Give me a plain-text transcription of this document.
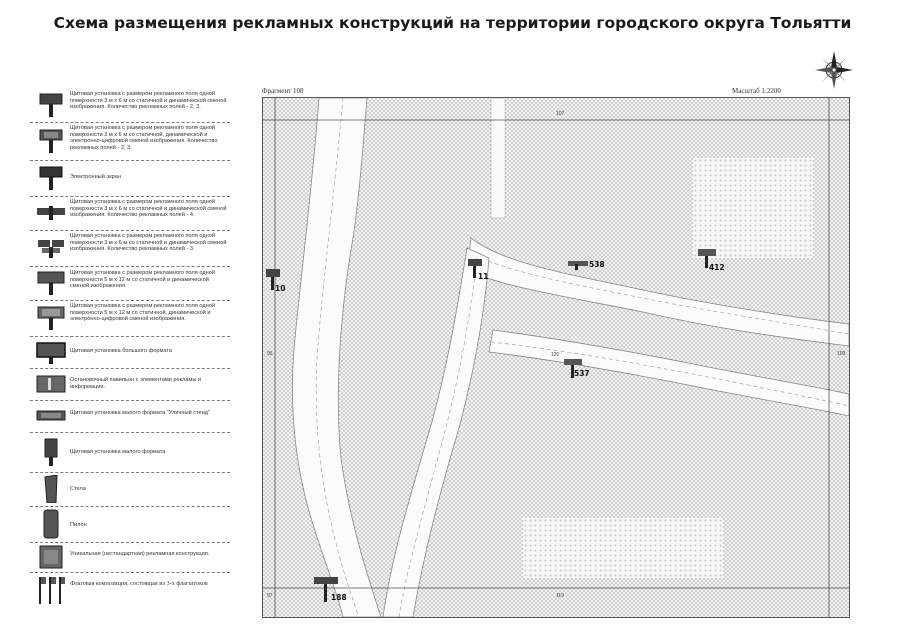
Схема размещения рекламных конструкций на территории городского округа Тольятти
Щитовая установка с размером рекламного поля одной поверхности 3 м х 6 м со статичной и динамической сменой изображения. Количество рекламных полей - 2, 3.
Щитовая установка с размером рекламного поля одной поверхности 3 м х 6 м со статичной, динамической и электронно-цифровой сменой изображения. Количество рекламных полей - 2, 3.
Электронный экран
Щитовая установка с размером рекламного поля одной поверхности 3 м х 6 м со статичной и динамической сменой изображения. Количество рекламных полей - 4.
Щитовая установка с размером рекламного поля одной поверхности 3 м х 6 м со статичной и динамической сменой изображения. Количество рекламных полей - 3.
Щитовая установка с размером рекламного поля одной поверхности 5 м х 12 м со статичной и динамической сменой изображения.
Щитовая установка с размером рекламного поля одной поверхности 5 м х 12 м со статичной, динамической и электронно-цифровой сменой изображения.
Щитовая установка большого формата
Остановочный павильон с элементами рекламы и информации.
Щитовая установка малого формата "Уличный стенд"
Щитовая установка малого формата
Стела
Пилон
Уникальная (нестандартная) рекламная конструкция.
Флаговая композиция, состоящая из 3-х флагштоков
Фрагмент 108	Масштаб 1:2200
107
95	109
97	119
120
10
11
538	412
537
188
